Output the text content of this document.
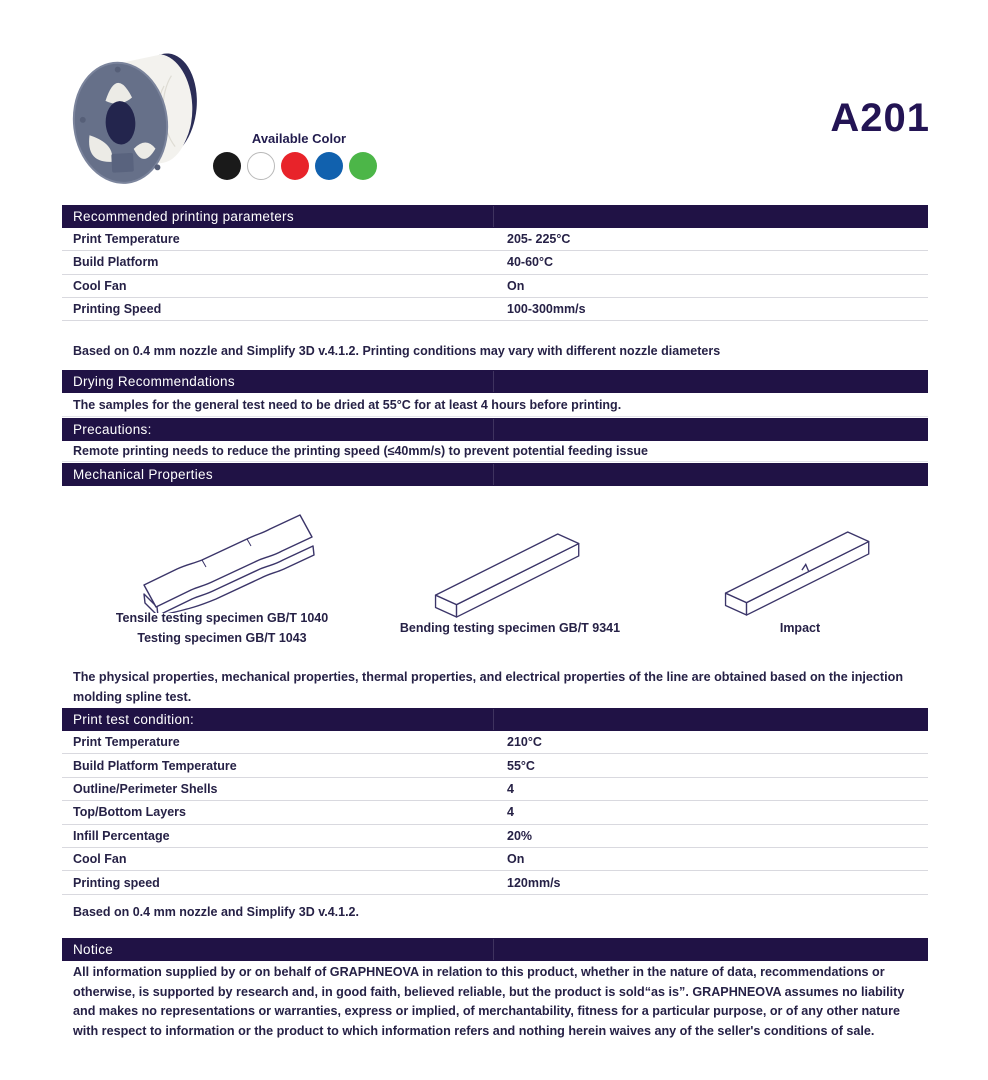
Available Color	A201
Recommended printing parameters
Print Temperature	205- 225°C
Build Platform	40-60°C
Cool Fan	On
Printing Speed	100-300mm/s
Based on 0.4 mm nozzle and Simplify 3D v.4.1.2. Printing conditions may vary with different nozzle diameters
Drying Recommendations
The samples for the general test need to be dried at 55°C for at least 4 hours before printing.
Precautions:
Remote printing needs to reduce the printing speed (≤40mm/s) to prevent potential feeding issue
Mechanical Properties
Tensile testing specimen GB/T 1040
Testing specimen GB/T 1043
Bending testing specimen GB/T 9341	Impact
The physical properties, mechanical properties, thermal properties, and electrical properties of the line are obtained based on the injection molding spline test.
Print test condition:
Print Temperature	210°C
Build Platform Temperature	55°C
Outline/Perimeter Shells	4
Top/Bottom Layers	4
Infill Percentage	20%
Cool Fan	On
Printing speed	120mm/s
Based on 0.4 mm nozzle and Simplify 3D v.4.1.2.
Notice
All information supplied by or on behalf of GRAPHNEOVA in relation to this product, whether in the nature of data, recommendations or otherwise, is supported by research and, in good faith, believed reliable, but the product is sold“as is”. GRAPHNEOVA assumes no liability and makes no representations or warranties, express or implied, of merchantability, fitness for a particular purpose, or of any other nature with respect to information or the product to which information refers and nothing herein waives any of the seller's conditions of sale.
